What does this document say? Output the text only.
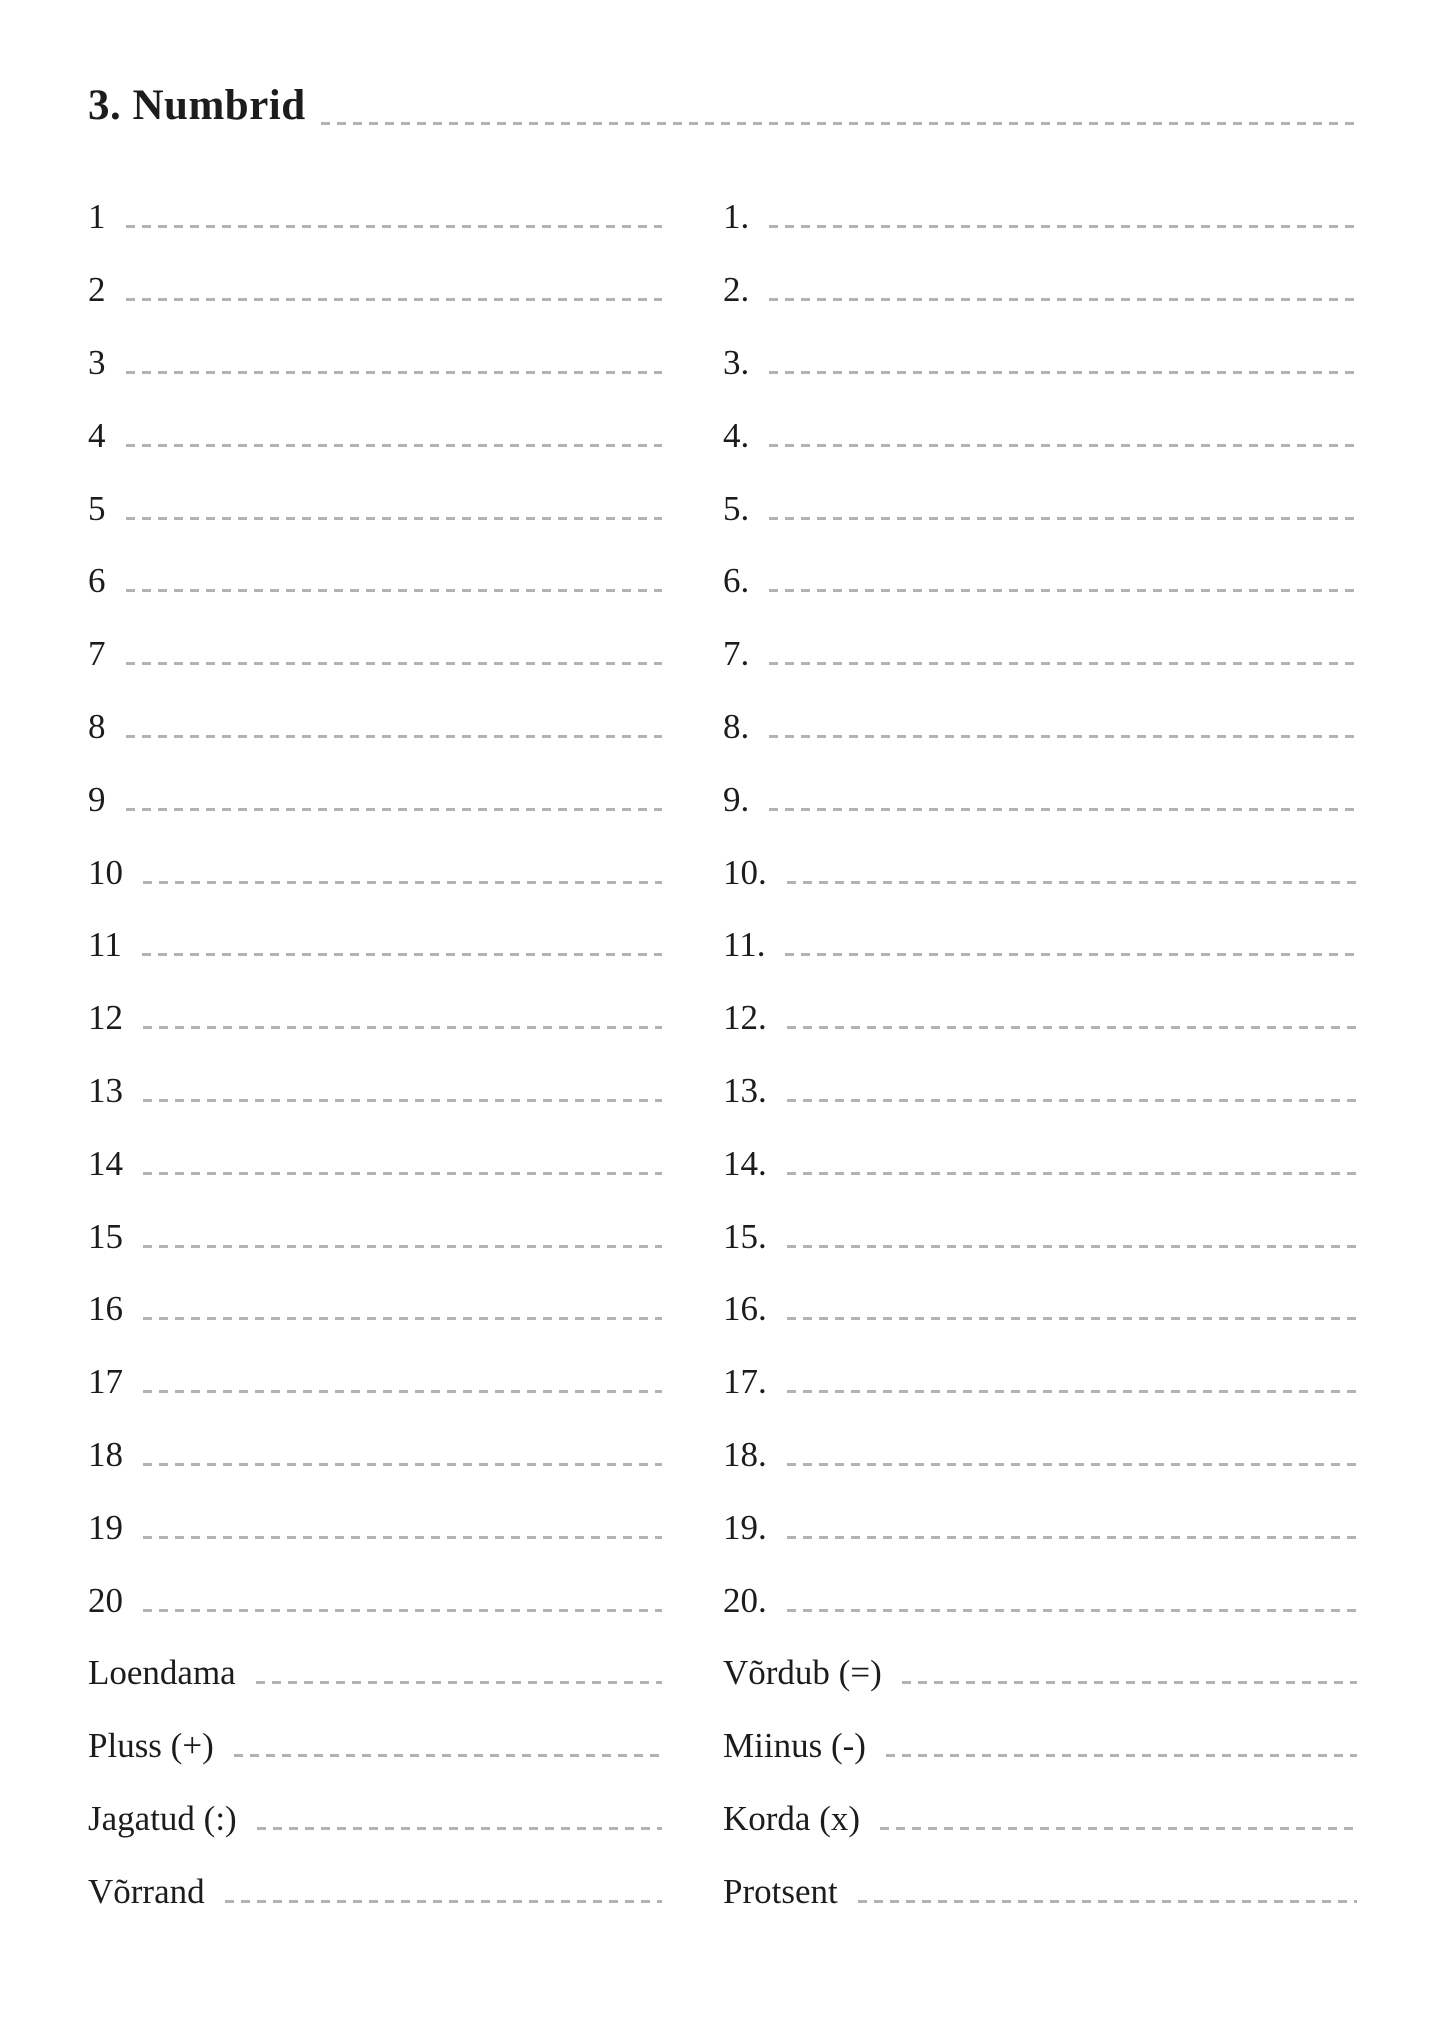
3. Numbrid
1	1.
2	2.
3	3.
4	4.
5	5.
6	6.
7	7.
8	8.
9	9.
10	10.
11	11.
12	12.
13	13.
14	14.
15	15.
16	16.
17	17.
18	18.
19	19.
20	20.
Loendama	Võrdub (=)
Pluss (+)	Miinus (-)
Jagatud (:)	Korda (x)
Võrrand	Protsent
